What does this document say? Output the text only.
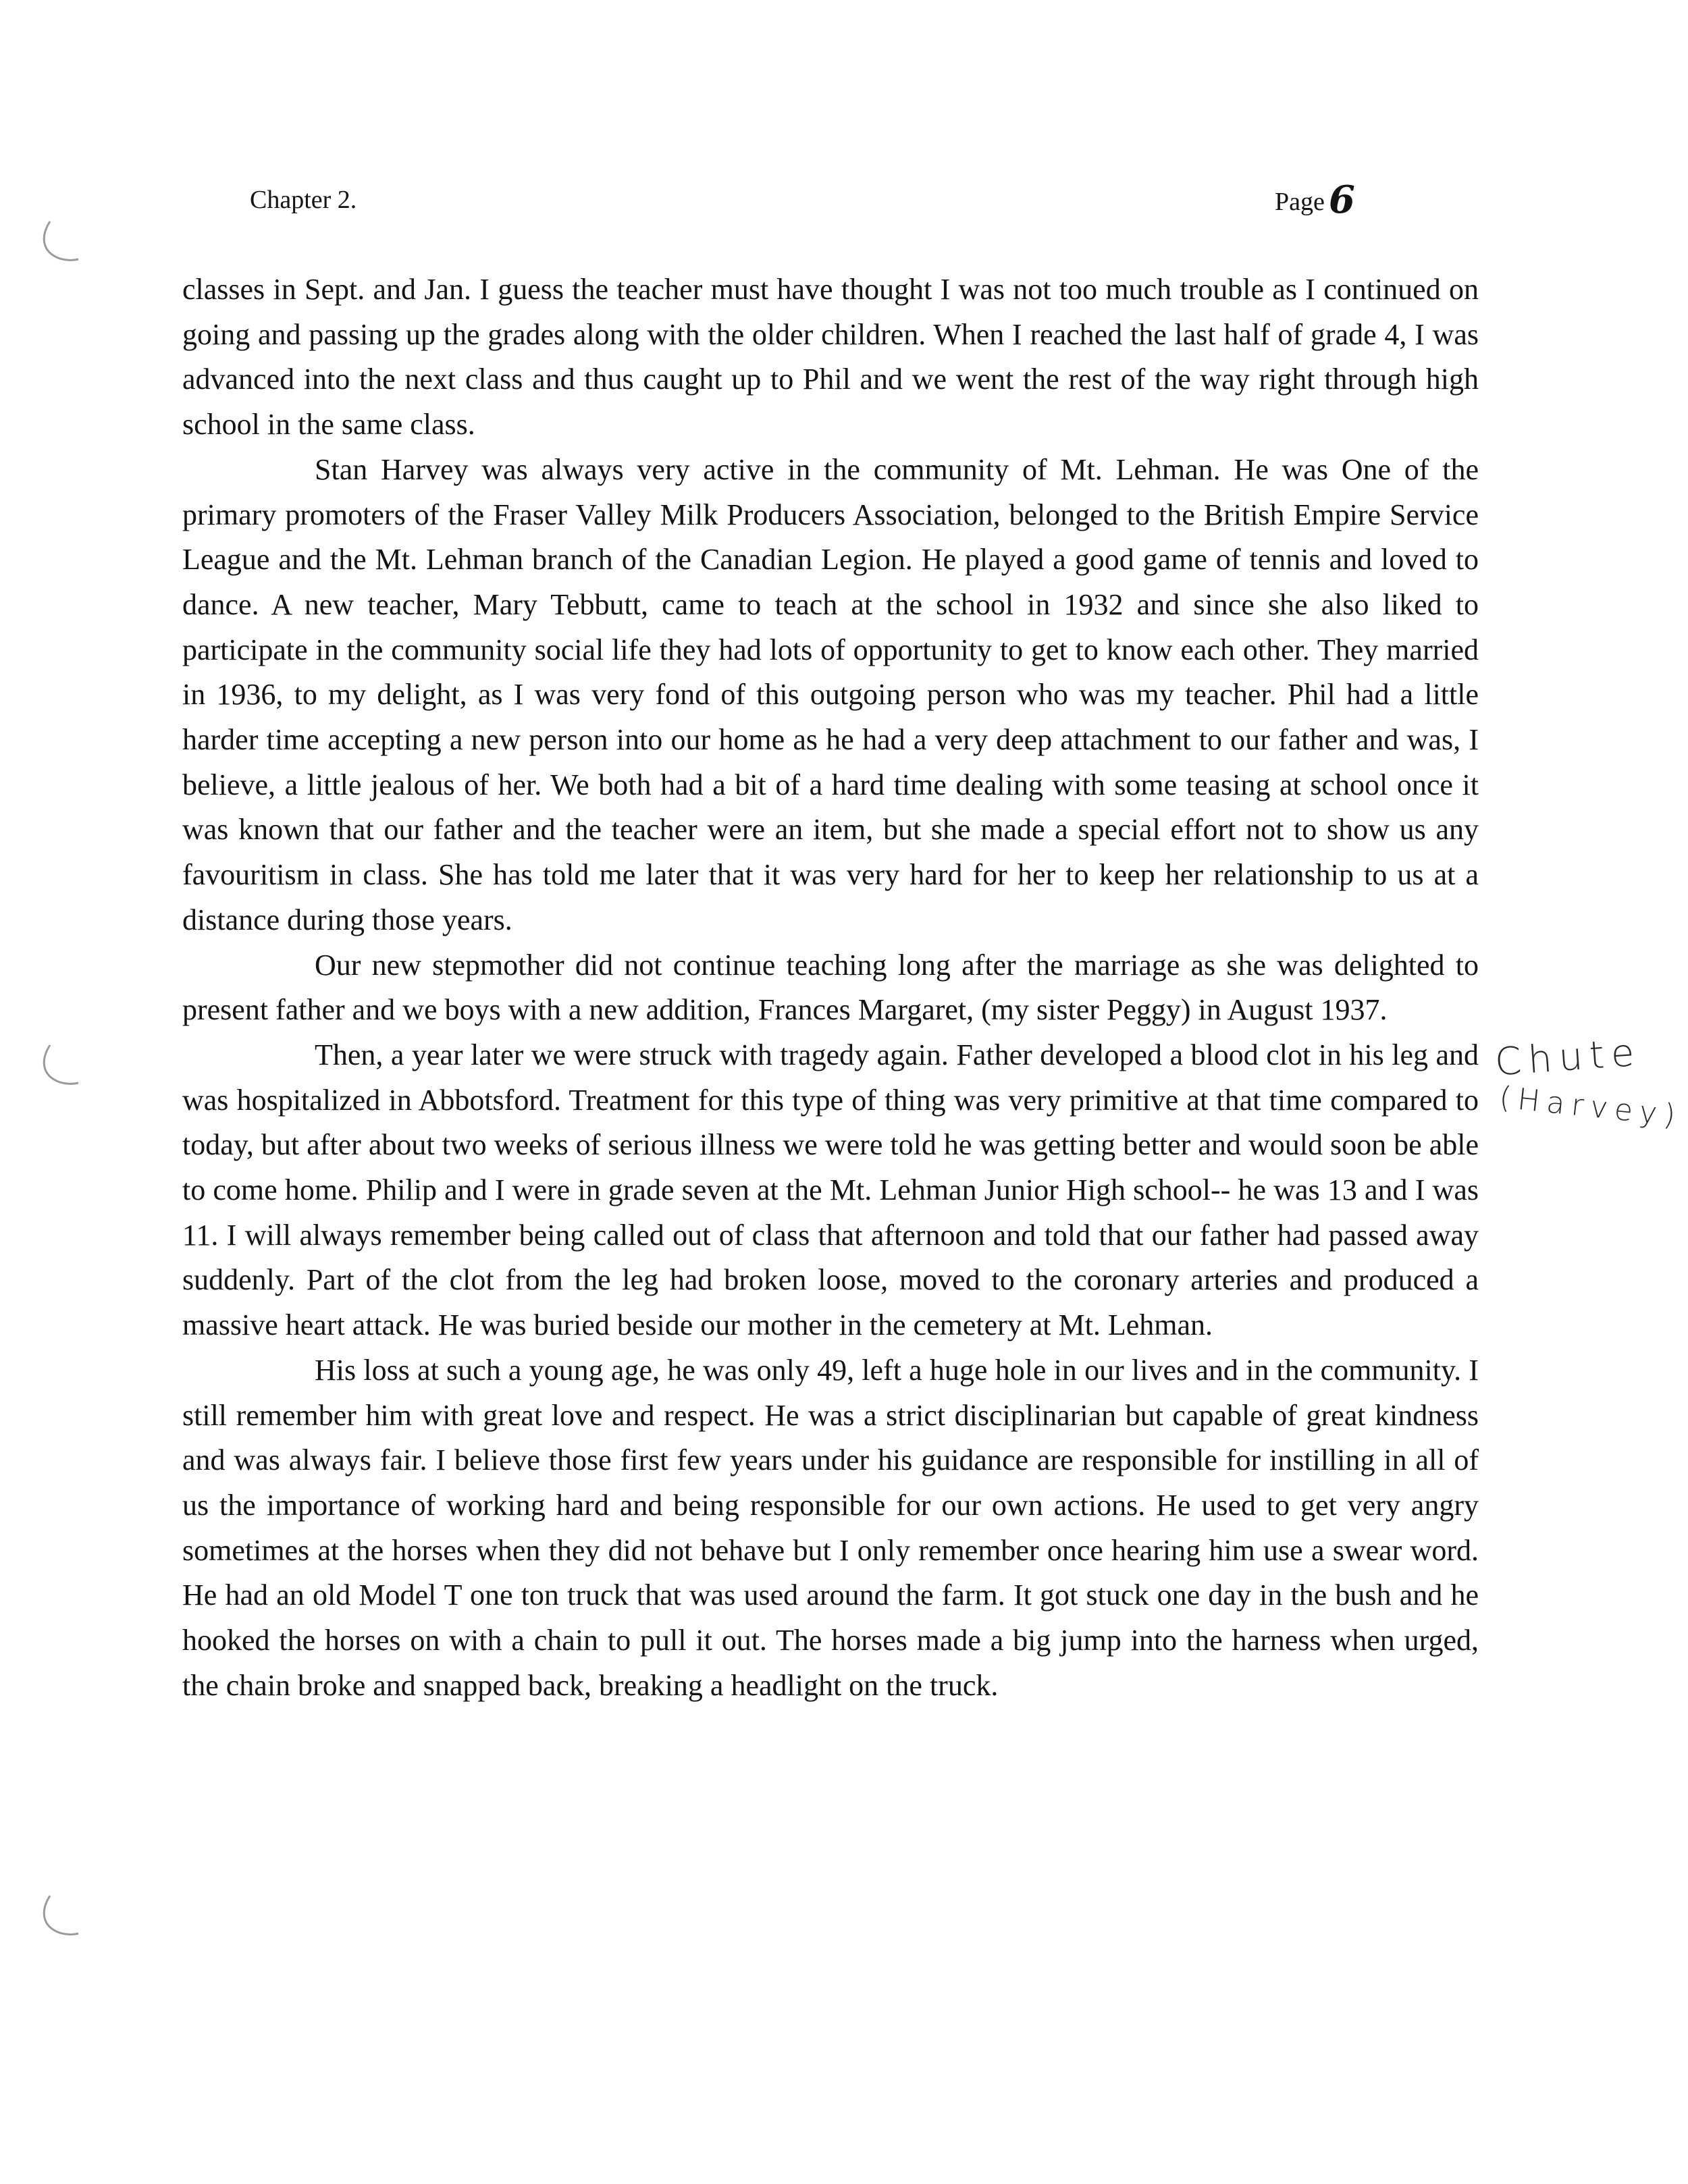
Chapter 2.	Page 6

classes in Sept. and Jan. I guess the teacher must have thought I was not too much trouble as I continued on going and passing up the grades along with the older children. When I reached the last half of grade 4, I was advanced into the next class and thus caught up to Phil and we went the rest of the way right through high school in the same class.

Stan Harvey was always very active in the community of Mt. Lehman. He was One of the primary promoters of the Fraser Valley Milk Producers Association, belonged to the British Empire Service League and the Mt. Lehman branch of the Canadian Legion. He played a good game of tennis and loved to dance. A new teacher, Mary Tebbutt, came to teach at the school in 1932 and since she also liked to participate in the community social life they had lots of opportunity to get to know each other. They married in 1936, to my delight, as I was very fond of this outgoing person who was my teacher. Phil had a little harder time accepting a new person into our home as he had a very deep attachment to our father and was, I believe, a little jealous of her. We both had a bit of a hard time dealing with some teasing at school once it was known that our father and the teacher were an item, but she made a special effort not to show us any favouritism in class. She has told me later that it was very hard for her to keep her relationship to us at a distance during those years.

Our new stepmother did not continue teaching long after the marriage as she was delighted to present father and we boys with a new addition, Frances Margaret, (my sister Peggy) in August 1937.

Then, a year later we were struck with tragedy again. Father developed a blood clot in his leg and was hospitalized in Abbotsford. Treatment for this type of thing was very primitive at that time compared to today, but after about two weeks of serious illness we were told he was getting better and would soon be able to come home. Philip and I were in grade seven at the Mt. Lehman Junior High school-- he was 13 and I was 11. I will always remember being called out of class that afternoon and told that our father had passed away suddenly. Part of the clot from the leg had broken loose, moved to the coronary arteries and produced a massive heart attack. He was buried beside our mother in the cemetery at Mt. Lehman.

His loss at such a young age, he was only 49, left a huge hole in our lives and in the community. I still remember him with great love and respect. He was a strict disciplinarian but capable of great kindness and was always fair. I believe those first few years under his guidance are responsible for instilling in all of us the importance of working hard and being responsible for our own actions. He used to get very angry sometimes at the horses when they did not behave but I only remember once hearing him use a swear word. He had an old Model T one ton truck that was used around the farm. It got stuck one day in the bush and he hooked the horses on with a chain to pull it out. The horses made a big jump into the harness when urged, the chain broke and snapped back, breaking a headlight on the truck.

Chute
(Harvey)
